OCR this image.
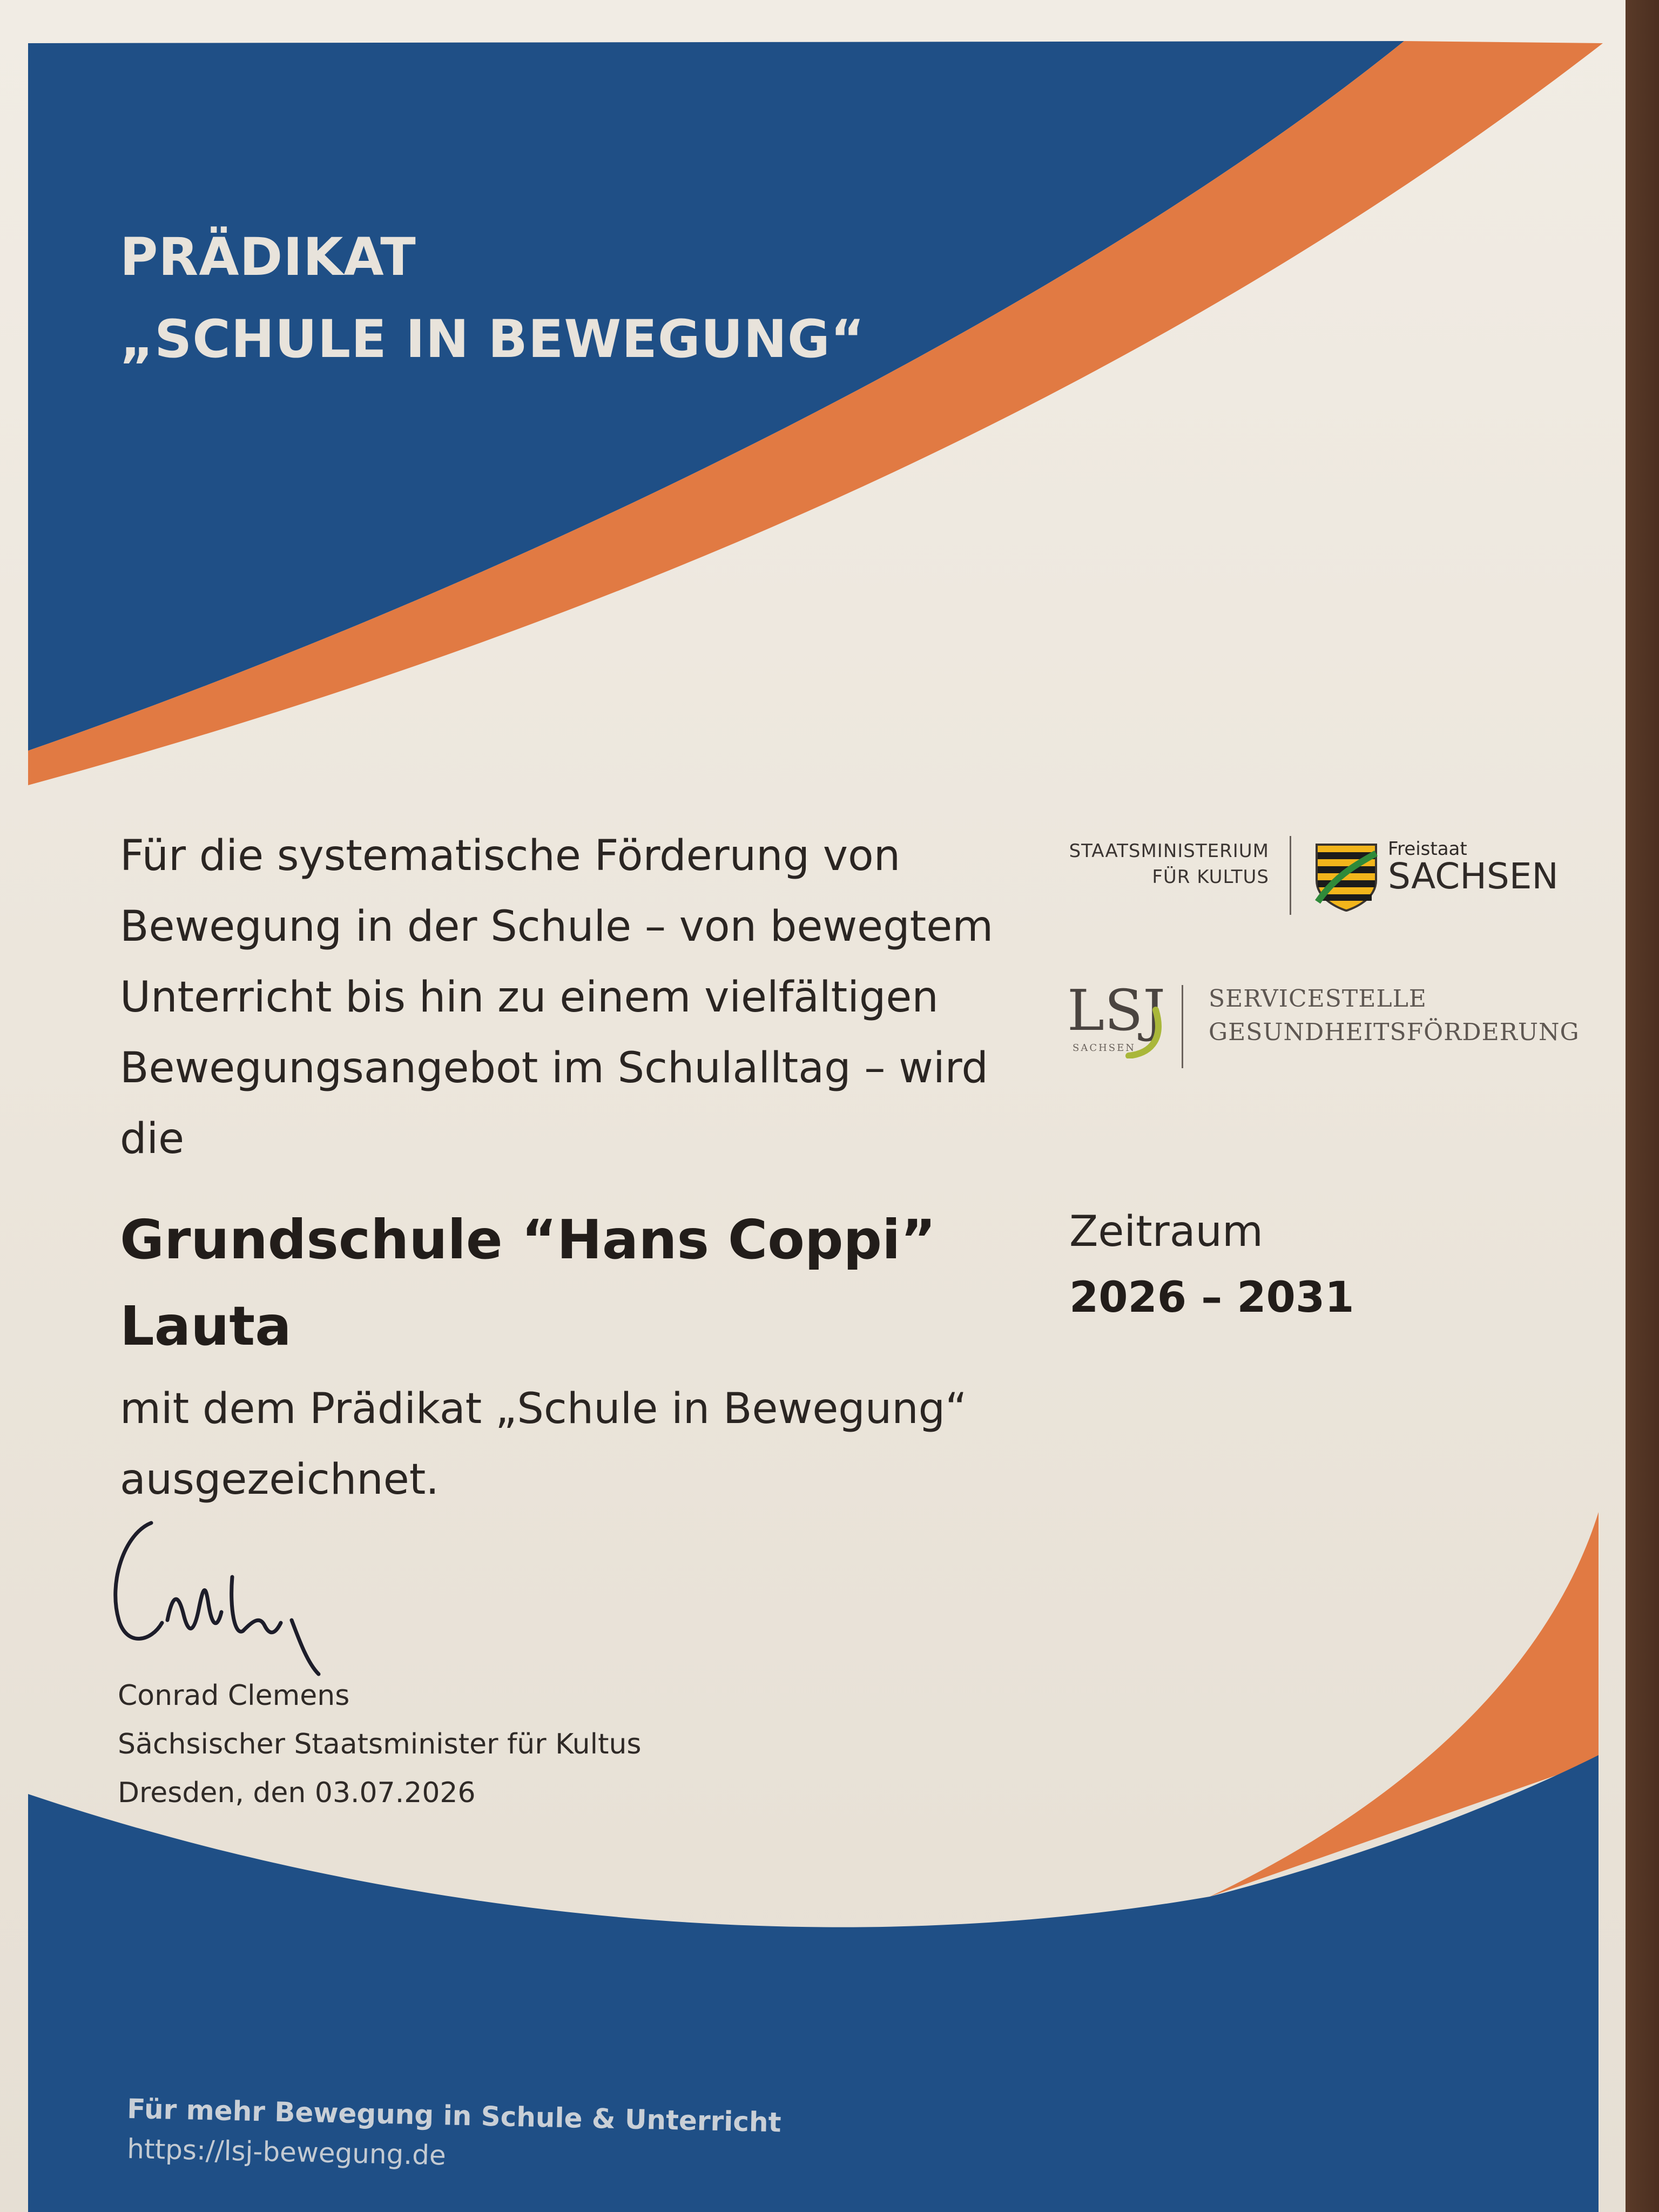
PRÄDIKAT

„SCHULE IN BEWEGUNG“

Für die systematische Förderung von Bewegung in der Schule – von bewegtem Unterricht bis hin zu einem vielfältigen Bewegungsangebot im Schulalltag – wird die

Grundschule “Hans Coppi”
Lauta

mit dem Prädikat „Schule in Bewegung“ ausgezeichnet.

Conrad Clemens

Sächsischer Staatsminister für Kultus

Dresden, den 03.07.2026

Zeitraum

2026 – 2031

STAATSMINISTERIUM

FÜR KULTUS

Freistaat

SACHSEN

LSJ

SACHSEN

SERVICESTELLE

GESUNDHEITSFÖRDERUNG

Für mehr Bewegung in Schule & Unterricht

https://lsj-bewegung.de
